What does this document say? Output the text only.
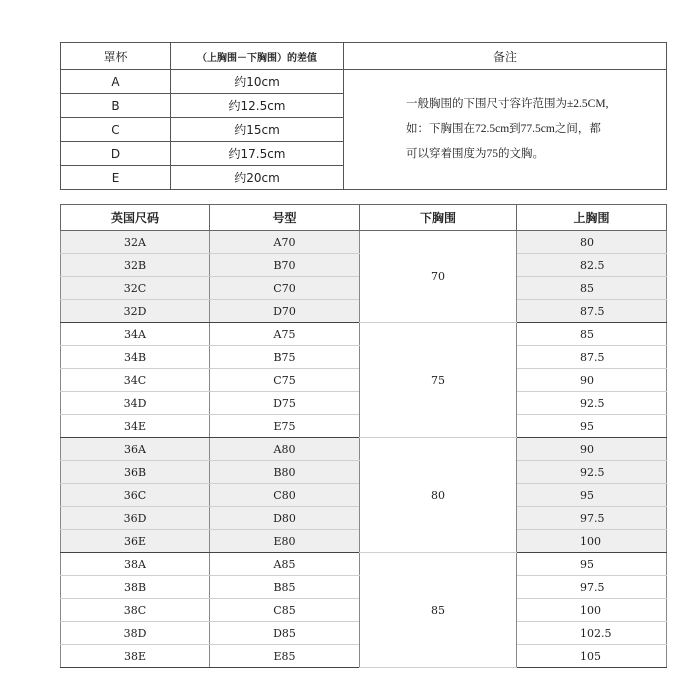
罩杯	（上胸围－下胸围）的差值	备注
A	约10cm	一般胸围的下围尺寸容许范围为±2.5CM,
如：下胸围在72.5cm到77.5cm之间，都
可以穿着围度为75的文胸。

B	约12.5cm	
C	约15cm	
D	约17.5cm	
E	约20cm	
英国尺码	号型	下胸围	上胸围
32A	A70	70	80
32B	B70		82.5
32C	C70		85
32D	D70		87.5
34A	A75	75	85
34B	B75		87.5
34C	C75		90
34D	D75		92.5
34E	E75		95
36A	A80	80	90
36B	B80		92.5
36C	C80		95
36D	D80		97.5
36E	E80		100
38A	A85	85	95
38B	B85		97.5
38C	C85		100
38D	D85		102.5
38E	E85		105
